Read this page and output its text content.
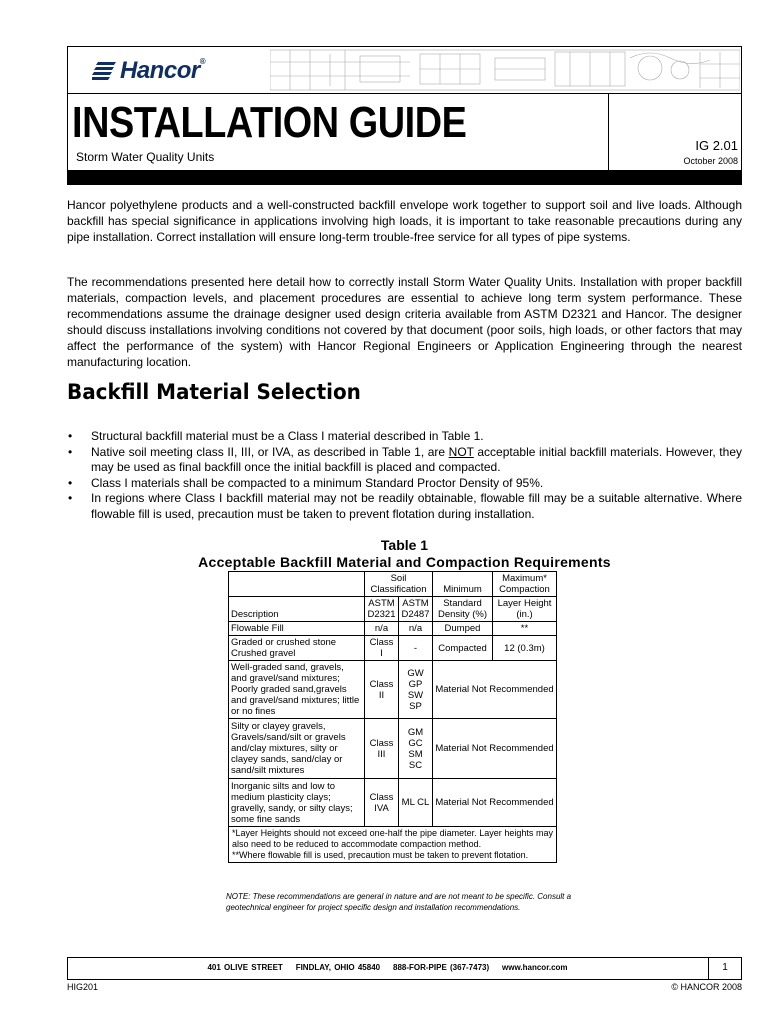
Hancor®
INSTALLATION GUIDE
Storm Water Quality Units
IG 2.01
October 2008
Hancor polyethylene products and a well-constructed backfill envelope work together to support soil and live loads. Although backfill has special significance in applications involving high loads, it is important to take reasonable precautions during any pipe installation. Correct installation will ensure long-term trouble-free service for all types of pipe systems.
The recommendations presented here detail how to correctly install Storm Water Quality Units. Installation with proper backfill materials, compaction levels, and placement procedures are essential to achieve long term system performance. These recommendations assume the drainage designer used design criteria available from ASTM D2321 and Hancor. The designer should discuss installations involving conditions not covered by that document (poor soils, high loads, or other factors that may affect the performance of the system) with Hancor Regional Engineers or Application Engineering through the nearest manufacturing location.
Backfill Material Selection
• Structural backfill material must be a Class I material described in Table 1.
• Native soil meeting class II, III, or IVA, as described in Table 1, are NOT acceptable initial backfill materials. However, they may be used as final backfill once the initial backfill is placed and compacted.
• Class I materials shall be compacted to a minimum Standard Proctor Density of 95%.
• In regions where Class I backfill material may not be readily obtainable, flowable fill may be a suitable alternative. Where flowable fill is used, precaution must be taken to prevent flotation during installation.
Table 1
Acceptable Backfill Material and Compaction Requirements
	Soil Classification		Minimum	Maximum* Compaction
Description	ASTM D2321	ASTM D2487	Standard Density (%)	Layer Height (in.)
Flowable Fill	n/a	n/a	Dumped	**
Graded or crushed stone Crushed gravel	Class I	-	Compacted	12 (0.3m)
Well-graded sand, gravels, and gravel/sand mixtures; Poorly graded sand,gravels and gravel/sand mixtures; little or no fines	Class II	GW GP SW SP	Material Not Recommended	
Silty or clayey gravels, Gravels/sand/silt or gravels and/clay mixtures, silty or clayey sands, sand/clay or sand/silt mixtures	Class III	GM GC SM SC	Material Not Recommended	
Inorganic silts and low to medium plasticity clays; gravelly, sandy, or silty clays; some fine sands	Class IVA	ML CL	Material Not Recommended	

*Layer Heights should not exceed one-half the pipe diameter. Layer heights may also need to be reduced to accommodate compaction method.
**Where flowable fill is used, precaution must be taken to prevent flotation.				
NOTE: These recommendations are general in nature and are not meant to be specific. Consult a geotechnical engineer for project specific design and installation recommendations.
401 OLIVE STREET    FINDLAY, OHIO 45840    888-FOR-PIPE (367-7473)    www.hancor.com	1
HIG201	© HANCOR 2008
